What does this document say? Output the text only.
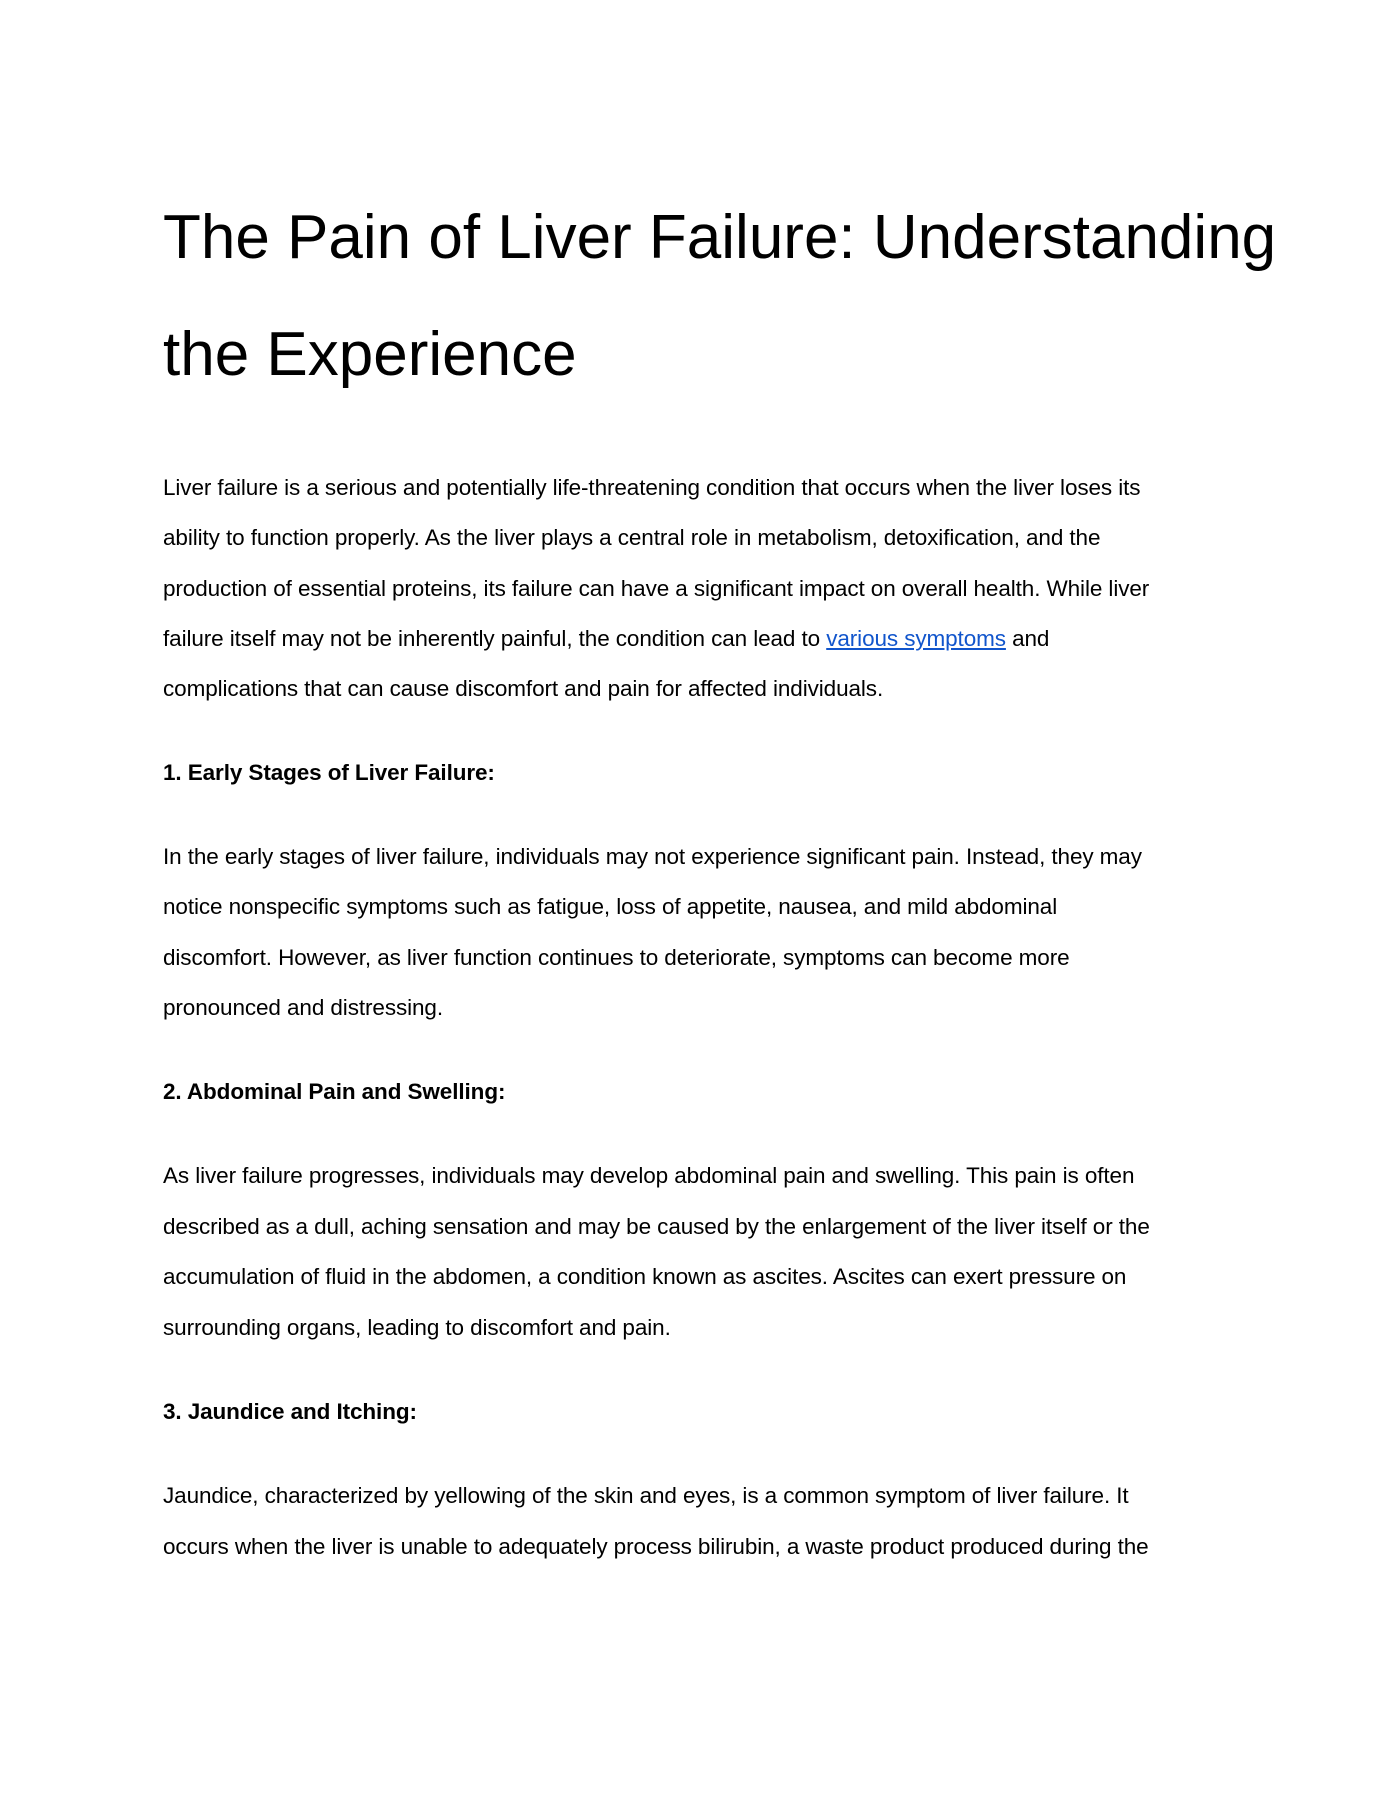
The Pain of Liver Failure: Understanding
the Experience
Liver failure is a serious and potentially life-threatening condition that occurs when the liver loses its
ability to function properly. As the liver plays a central role in metabolism, detoxification, and the
production of essential proteins, its failure can have a significant impact on overall health. While liver
failure itself may not be inherently painful, the condition can lead to various symptoms and
complications that can cause discomfort and pain for affected individuals.
1. Early Stages of Liver Failure:
In the early stages of liver failure, individuals may not experience significant pain. Instead, they may
notice nonspecific symptoms such as fatigue, loss of appetite, nausea, and mild abdominal
discomfort. However, as liver function continues to deteriorate, symptoms can become more
pronounced and distressing.
2. Abdominal Pain and Swelling:
As liver failure progresses, individuals may develop abdominal pain and swelling. This pain is often
described as a dull, aching sensation and may be caused by the enlargement of the liver itself or the
accumulation of fluid in the abdomen, a condition known as ascites. Ascites can exert pressure on
surrounding organs, leading to discomfort and pain.
3. Jaundice and Itching:
Jaundice, characterized by yellowing of the skin and eyes, is a common symptom of liver failure. It
occurs when the liver is unable to adequately process bilirubin, a waste product produced during the
